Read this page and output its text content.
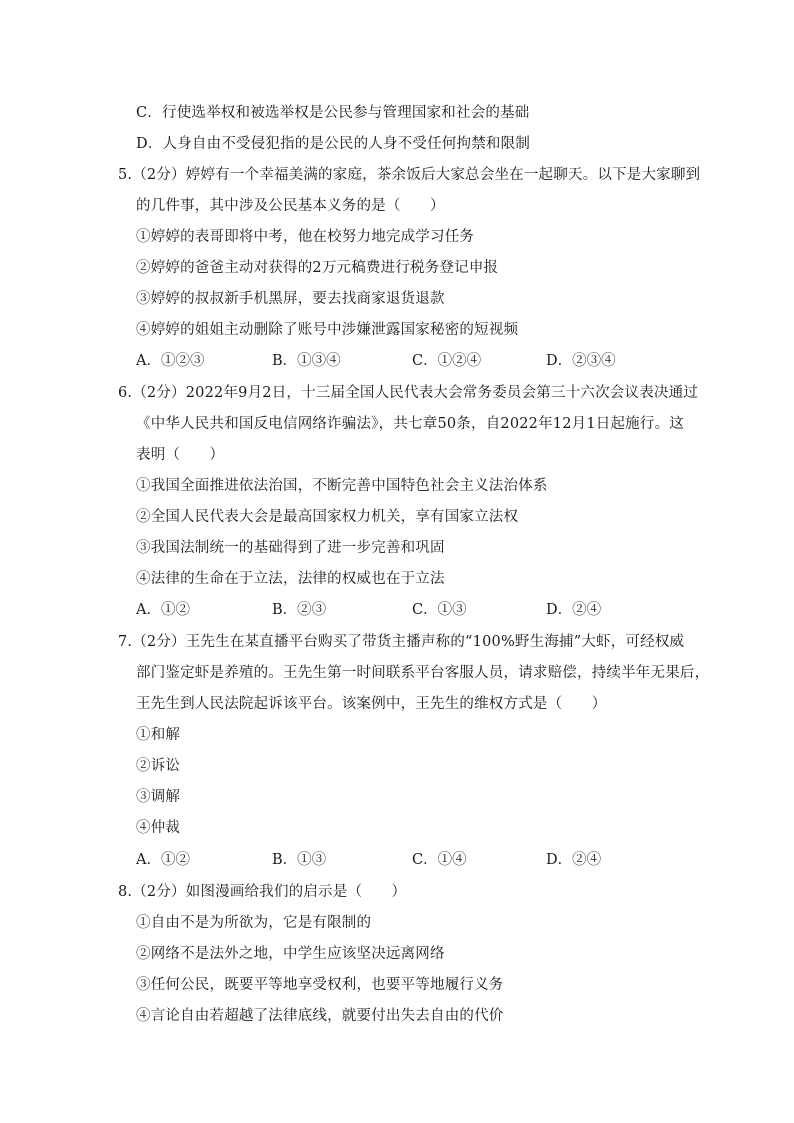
C．行使选举权和被选举权是公民参与管理国家和社会的基础
D．人身自由不受侵犯指的是公民的人身不受任何拘禁和限制
5.（2分）婷婷有一个幸福美满的家庭，茶余饭后大家总会坐在一起聊天。以下是大家聊到
的几件事，其中涉及公民基本义务的是（　　）
①婷婷的表哥即将中考，他在校努力地完成学习任务
②婷婷的爸爸主动对获得的2万元稿费进行税务登记申报
③婷婷的叔叔新手机黑屏，要去找商家退货退款
④婷婷的姐姐主动删除了账号中涉嫌泄露国家秘密的短视频
A．①②③	B．①③④	C．①②④	D．②③④
6.（2分）2022年9月2日，十三届全国人民代表大会常务委员会第三十六次会议表决通过
《中华人民共和国反电信网络诈骗法》，共七章50条，自2022年12月1日起施行。这
表明（　　）
①我国全面推进依法治国，不断完善中国特色社会主义法治体系
②全国人民代表大会是最高国家权力机关，享有国家立法权
③我国法制统一的基础得到了进一步完善和巩固
④法律的生命在于立法，法律的权威也在于立法
A．①②	B．②③	C．①③	D．②④
7.（2分）王先生在某直播平台购买了带货主播声称的“100%野生海捕”大虾，可经权威
部门鉴定虾是养殖的。王先生第一时间联系平台客服人员，请求赔偿，持续半年无果后，
王先生到人民法院起诉该平台。该案例中，王先生的维权方式是（　　）
①和解
②诉讼
③调解
④仲裁
A．①②	B．①③	C．①④	D．②④
8.（2分）如图漫画给我们的启示是（　　）
①自由不是为所欲为，它是有限制的
②网络不是法外之地，中学生应该坚决远离网络
③任何公民，既要平等地享受权利，也要平等地履行义务
④言论自由若超越了法律底线，就要付出失去自由的代价
